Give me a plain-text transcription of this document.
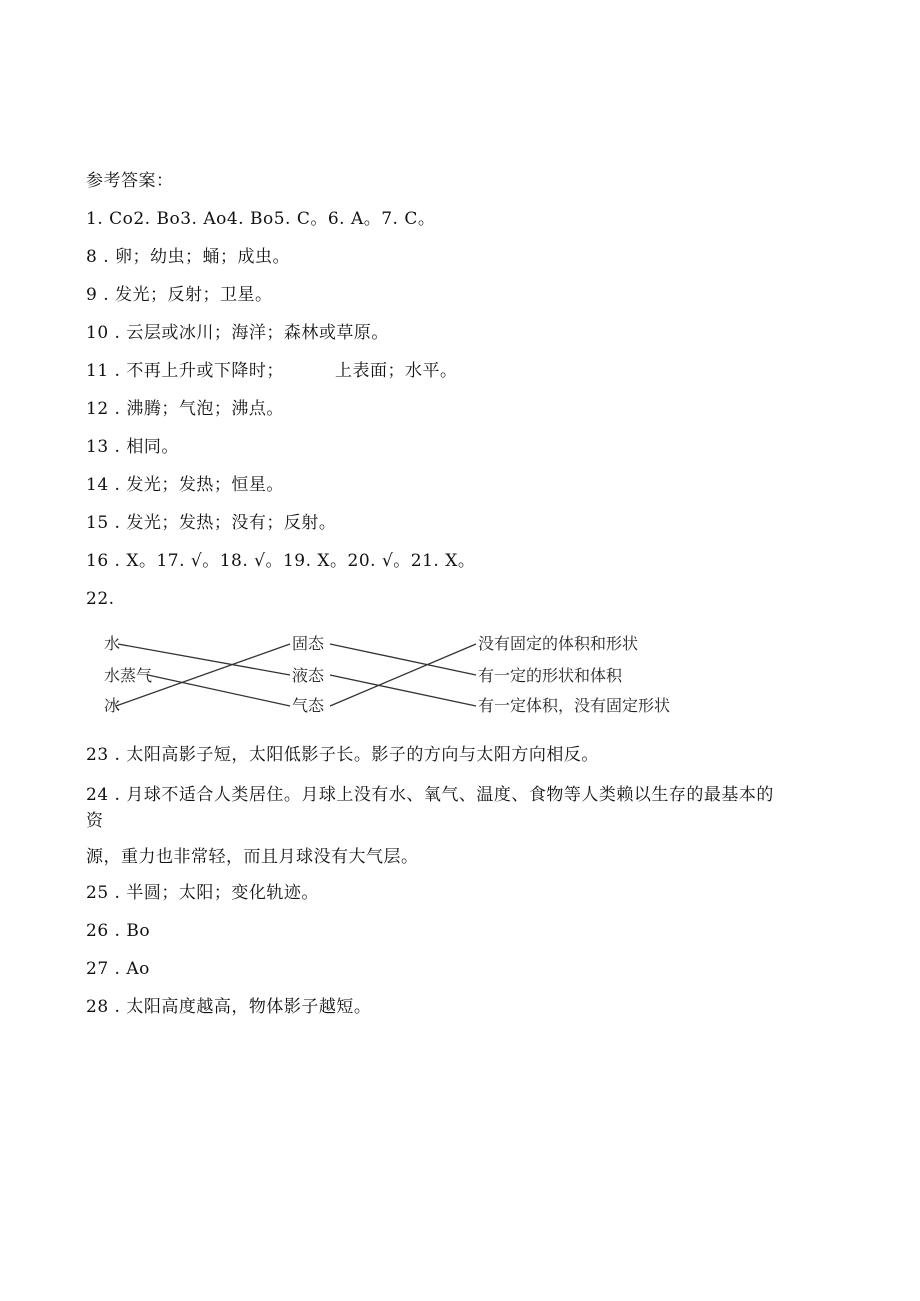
参考答案：
1. Co2. Bo3. Ao4. Bo5. C。6. A。7. C。
8 . 卵；幼虫；蛹；成虫。
9 . 发光；反射；卫星。
10 . 云层或冰川；海洋；森林或草原。
11 . 不再上升或下降时；	上表面；水平。
12 . 沸腾；气泡；沸点。
13 . 相同。
14 . 发光；发热；恒星。
15 . 发光；发热；没有；反射。
16 . X。17. √。18. √。19. X。20. √。21. X。
22.
水
水蒸气
冰
固态
液态
气态
没有固定的体积和形状
有一定的形状和体积
有一定体积，没有固定形状
23 . 太阳高影子短，太阳低影子长。影子的方向与太阳方向相反。
24 . 月球不适合人类居住。月球上没有水、氧气、温度、食物等人类赖以生存的最基本的
资
源，重力也非常轻，而且月球没有大气层。
25 . 半圆；太阳；变化轨迹。
26 . Bo
27 . Ao
28 . 太阳高度越高，物体影子越短。
